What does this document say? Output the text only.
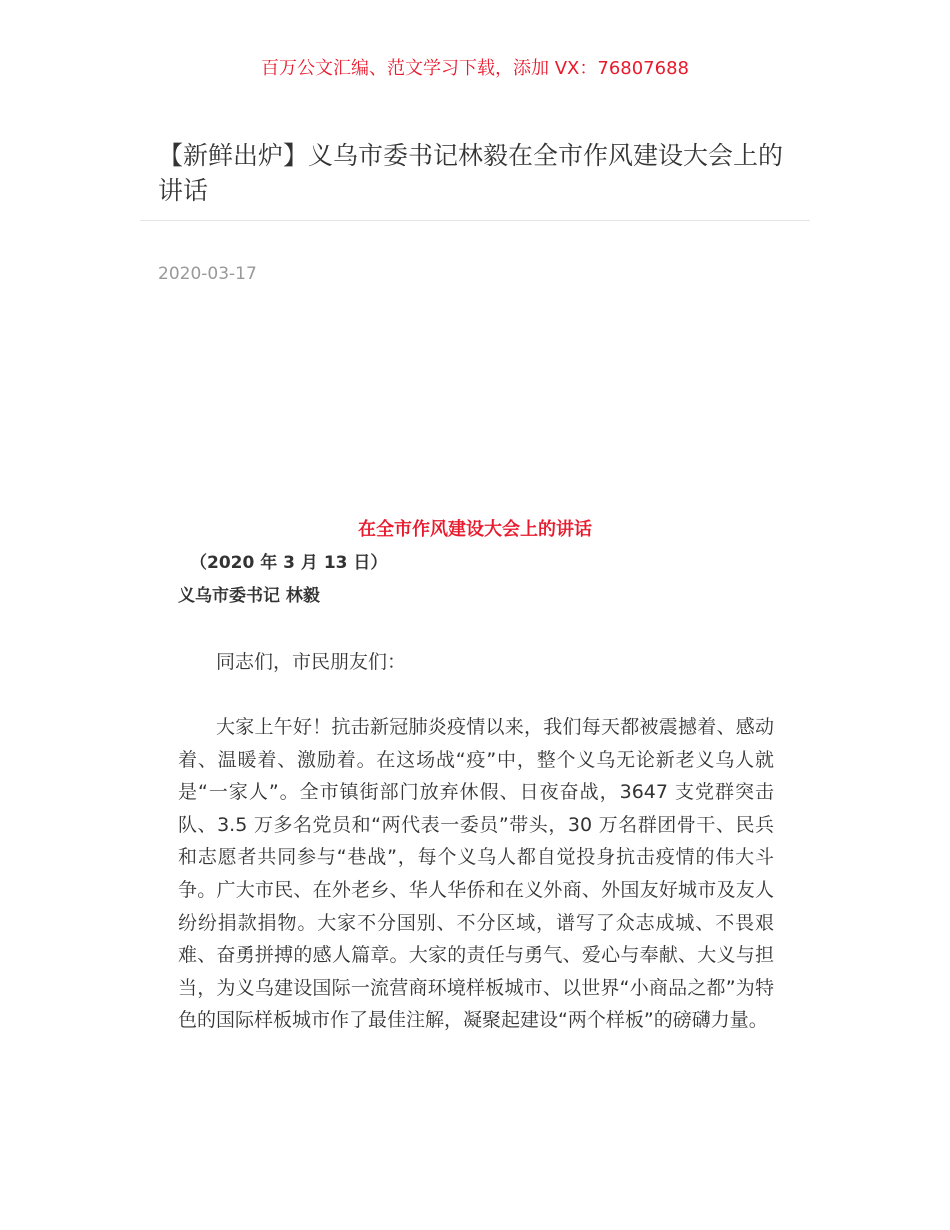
百万公文汇编、范文学习下载，添加 VX：76807688
【新鲜出炉】义乌市委书记林毅在全市作风建设大会上的讲话
2020-03-17
在全市作风建设大会上的讲话
（2020 年 3 月 13 日）
义乌市委书记 林毅
同志们，市民朋友们：

大家上午好！抗击新冠肺炎疫情以来，我们每天都被震撼着、感动着、温暖着、激励着。在这场战“疫”中，整个义乌无论新老义乌人就是“一家人”。全市镇街部门放弃休假、日夜奋战，3647 支党群突击队、3.5 万多名党员和“两代表一委员”带头，30 万名群团骨干、民兵和志愿者共同参与“巷战”，每个义乌人都自觉投身抗击疫情的伟大斗争。广大市民、在外老乡、华人华侨和在义外商、外国友好城市及友人纷纷捐款捐物。大家不分国别、不分区域，谱写了众志成城、不畏艰难、奋勇拼搏的感人篇章。大家的责任与勇气、爱心与奉献、大义与担当，为义乌建设国际一流营商环境样板城市、以世界“小商品之都”为特色的国际样板城市作了最佳注解，凝聚起建设“两个样板”的磅礴力量。
